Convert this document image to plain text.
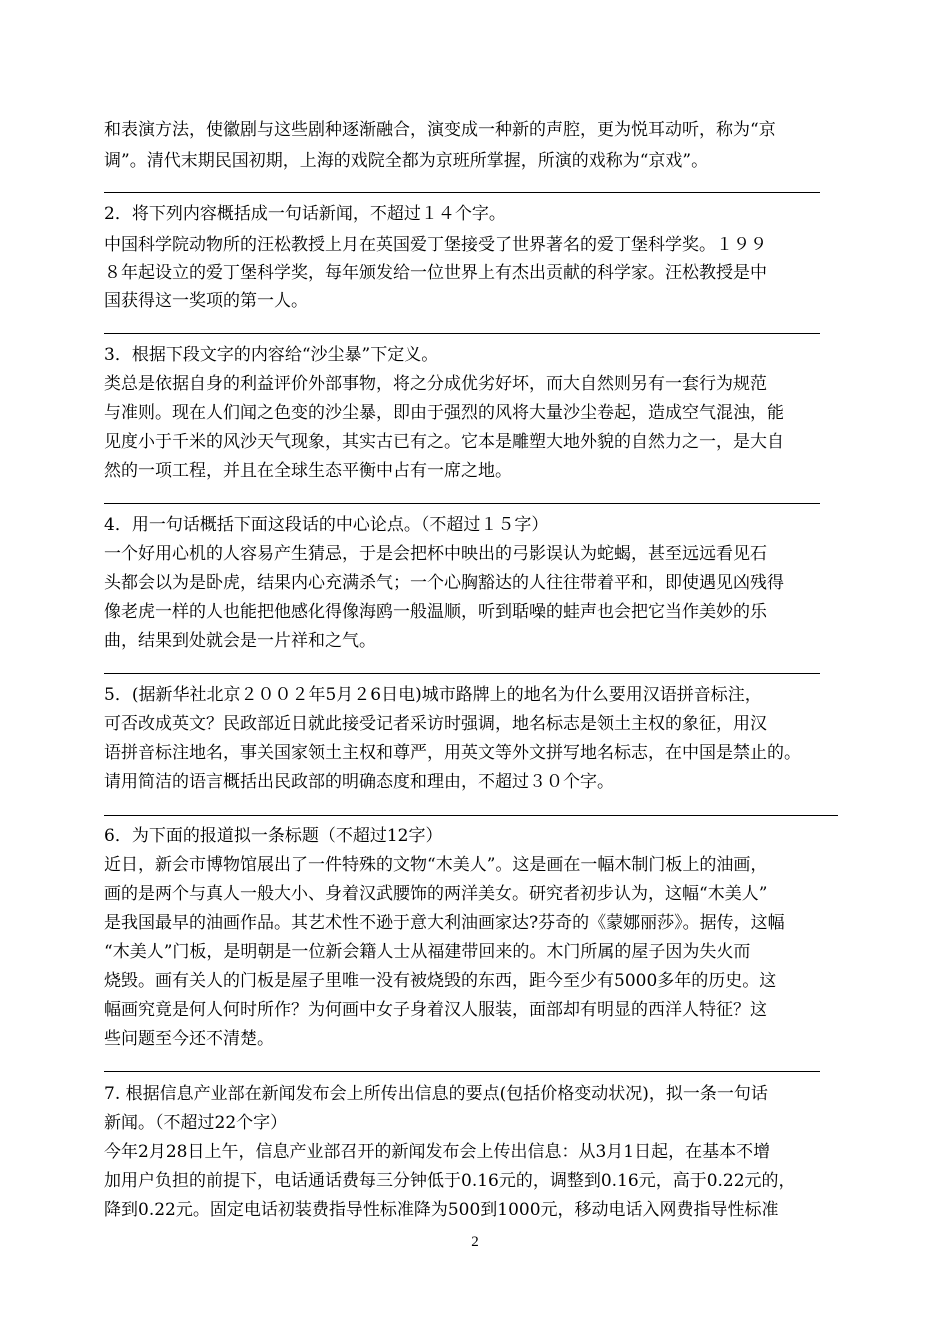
和表演方法，使徽剧与这些剧种逐渐融合，演变成一种新的声腔，更为悦耳动听，称为“京
调”。清代末期民国初期，上海的戏院全都为京班所掌握，所演的戏称为“京戏”。
2．将下列内容概括成一句话新闻，不超过１４个字。
中国科学院动物所的汪松教授上月在英国爱丁堡接受了世界著名的爱丁堡科学奖。１９９
８年起设立的爱丁堡科学奖，每年颁发给一位世界上有杰出贡献的科学家。汪松教授是中
国获得这一奖项的第一人。
3．根据下段文字的内容给“沙尘暴”下定义。
类总是依据自身的利益评价外部事物，将之分成优劣好坏，而大自然则另有一套行为规范
与准则。现在人们闻之色变的沙尘暴，即由于强烈的风将大量沙尘卷起，造成空气混浊，能
见度小于千米的风沙天气现象，其实古已有之。它本是雕塑大地外貌的自然力之一，是大自
然的一项工程，并且在全球生态平衡中占有一席之地。
4．用一句话概括下面这段话的中心论点。（不超过１５字）
一个好用心机的人容易产生猜忌，于是会把杯中映出的弓影误认为蛇蝎，甚至远远看见石
头都会以为是卧虎，结果内心充满杀气；一个心胸豁达的人往往带着平和，即使遇见凶残得
像老虎一样的人也能把他感化得像海鸥一般温顺，听到聒噪的蛙声也会把它当作美妙的乐
曲，结果到处就会是一片祥和之气。
5．(据新华社北京２００２年5月２6日电)城市路牌上的地名为什么要用汉语拼音标注，
可否改成英文？民政部近日就此接受记者采访时强调，地名标志是领土主权的象征，用汉
语拼音标注地名，事关国家领土主权和尊严，用英文等外文拼写地名标志，在中国是禁止的。
请用简洁的语言概括出民政部的明确态度和理由，不超过３０个字。
6．为下面的报道拟一条标题（不超过12字）
近日，新会市博物馆展出了一件特殊的文物“木美人”。这是画在一幅木制门板上的油画，
画的是两个与真人一般大小、身着汉武腰饰的两洋美女。研究者初步认为，这幅“木美人”
是我国最早的油画作品。其艺术性不逊于意大利油画家达?芬奇的《蒙娜丽莎》。据传，这幅
“木美人”门板，是明朝是一位新会籍人士从福建带回来的。木门所属的屋子因为失火而
烧毁。画有关人的门板是屋子里唯一没有被烧毁的东西，距今至少有5000多年的历史。这
幅画究竟是何人何时所作？为何画中女子身着汉人服装，面部却有明显的西洋人特征？这
些问题至今还不清楚。
7. 根据信息产业部在新闻发布会上所传出信息的要点(包括价格变动状况)，拟一条一句话
新闻。（不超过22个字）
今年2月28日上午，信息产业部召开的新闻发布会上传出信息：从3月1日起，在基本不增
加用户负担的前提下，电话通话费每三分钟低于0.16元的，调整到0.16元，高于0.22元的，
降到0.22元。固定电话初装费指导性标准降为500到1000元，移动电话入网费指导性标准
2
